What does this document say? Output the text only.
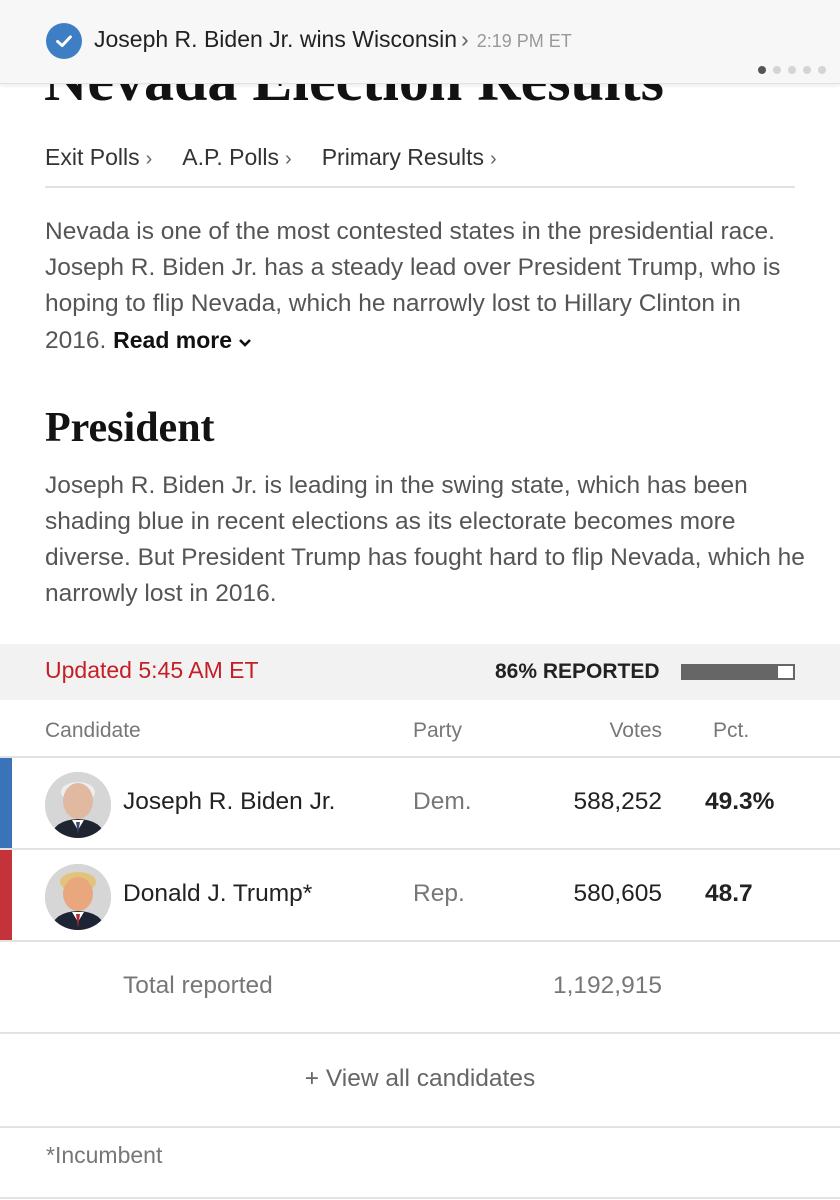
Joseph R. Biden Jr. wins Wisconsin › 2:19 PM ET
Exit Polls › A.P. Polls › Primary Results ›

Nevada is one of the most contested states in the presidential race. Joseph R. Biden Jr. has a steady lead over President Trump, who is hoping to flip Nevada, which he narrowly lost to Hillary Clinton in 2016. Read more

President

Joseph R. Biden Jr. is leading in the swing state, which has been shading blue in recent elections as its electorate becomes more diverse. But President Trump has fought hard to flip Nevada, which he narrowly lost in 2016.

Updated 5:45 AM ET	86% REPORTED
Candidate	Party	Votes Pct.
Joseph R. Biden Jr.	Dem.	588,252 49.3%
Donald J. Trump*	Rep.	580,605 48.7
Total reported	1,192,915
+ View all candidates
*Incumbent
